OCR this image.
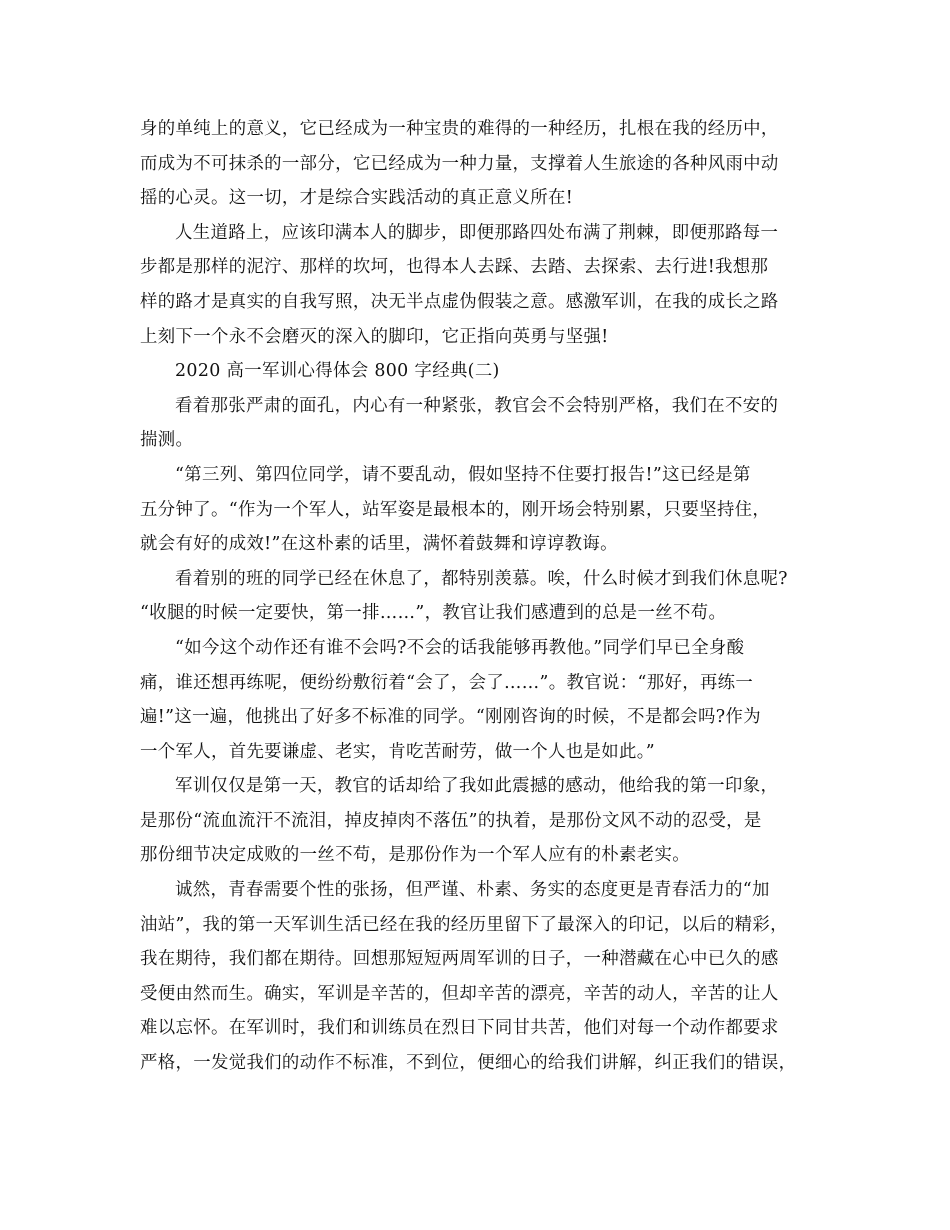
身的单纯上的意义，它已经成为一种宝贵的难得的一种经历，扎根在我的经历中，
而成为不可抹杀的一部分，它已经成为一种力量，支撑着人生旅途的各种风雨中动
摇的心灵。这一切，才是综合实践活动的真正意义所在!
人生道路上，应该印满本人的脚步，即便那路四处布满了荆棘，即便那路每一
步都是那样的泥泞、那样的坎坷，也得本人去踩、去踏、去探索、去行进!我想那
样的路才是真实的自我写照，决无半点虚伪假装之意。感激军训，在我的成长之路
上刻下一个永不会磨灭的深入的脚印，它正指向英勇与坚强!
2020 高一军训心得体会 800 字经典(二)
看着那张严肃的面孔，内心有一种紧张，教官会不会特别严格，我们在不安的
揣测。
“第三列、第四位同学，请不要乱动，假如坚持不住要打报告!”这已经是第
五分钟了。“作为一个军人，站军姿是最根本的，刚开场会特别累，只要坚持住，
就会有好的成效!”在这朴素的话里，满怀着鼓舞和谆谆教诲。
看着别的班的同学已经在休息了，都特别羡慕。唉，什么时候才到我们休息呢?
“收腿的时候一定要快，第一排……”，教官让我们感遭到的总是一丝不苟。
“如今这个动作还有谁不会吗?不会的话我能够再教他。”同学们早已全身酸
痛，谁还想再练呢，便纷纷敷衍着“会了，会了……”。教官说：“那好，再练一
遍!”这一遍，他挑出了好多不标准的同学。“刚刚咨询的时候，不是都会吗?作为
一个军人，首先要谦虚、老实，肯吃苦耐劳，做一个人也是如此。”
军训仅仅是第一天，教官的话却给了我如此震撼的感动，他给我的第一印象，
是那份“流血流汗不流泪，掉皮掉肉不落伍”的执着，是那份文风不动的忍受，是
那份细节决定成败的一丝不苟，是那份作为一个军人应有的朴素老实。
诚然，青春需要个性的张扬，但严谨、朴素、务实的态度更是青春活力的“加
油站”，我的第一天军训生活已经在我的经历里留下了最深入的印记，以后的精彩，
我在期待，我们都在期待。回想那短短两周军训的日子，一种潜藏在心中已久的感
受便由然而生。确实，军训是辛苦的，但却辛苦的漂亮，辛苦的动人，辛苦的让人
难以忘怀。在军训时，我们和训练员在烈日下同甘共苦，他们对每一个动作都要求
严格，一发觉我们的动作不标准，不到位，便细心的给我们讲解，纠正我们的错误，
